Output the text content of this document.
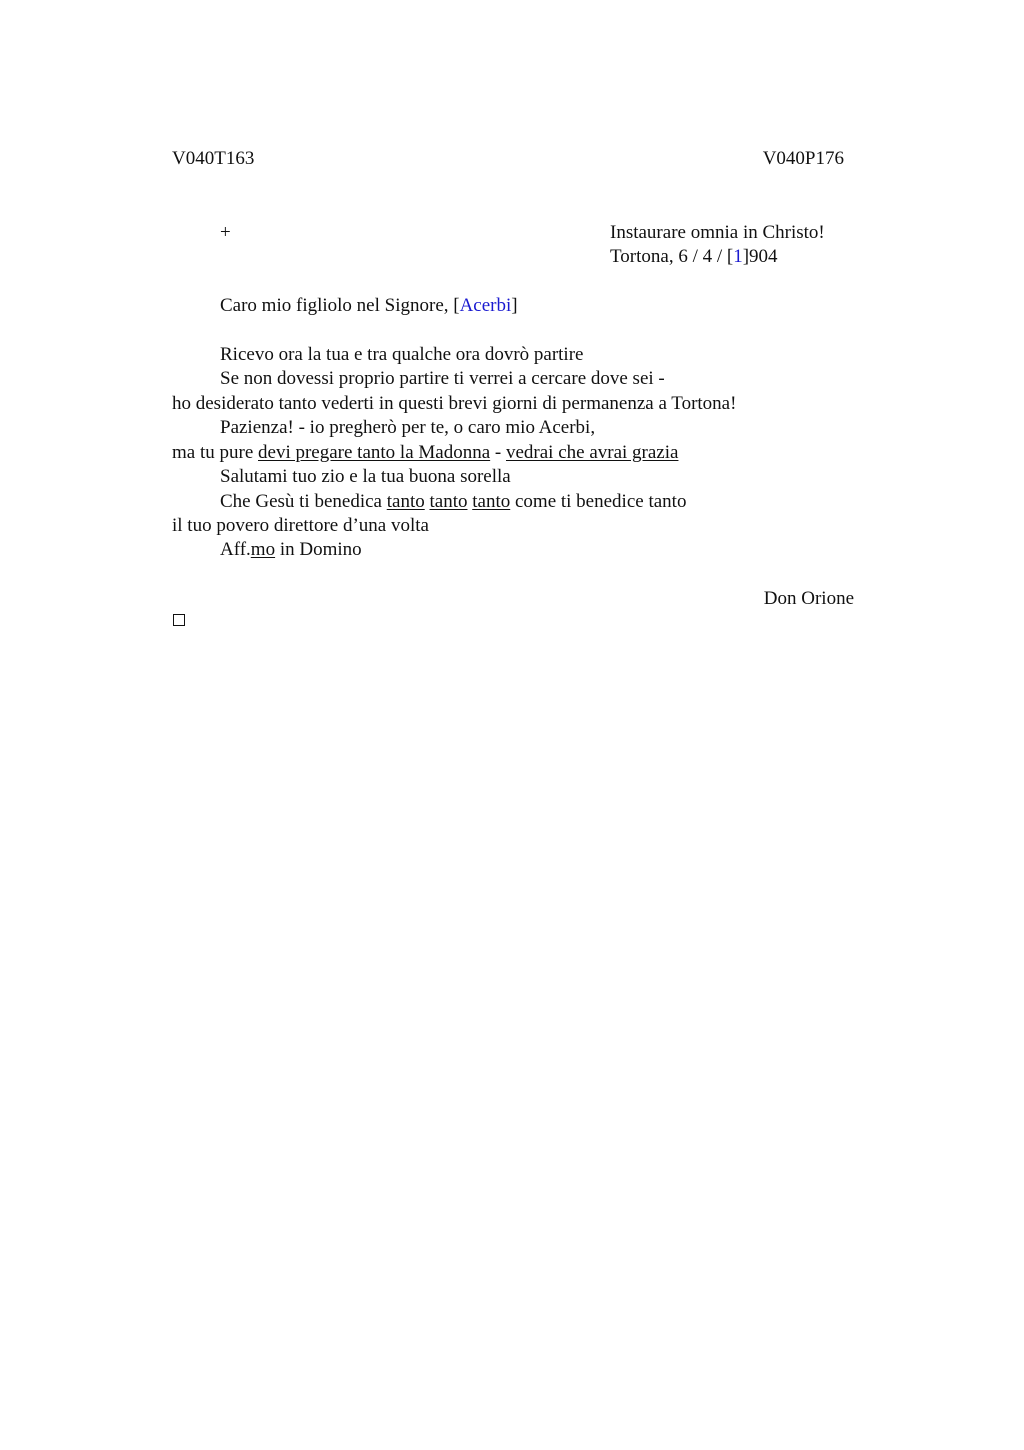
V040T163	V040P176
+	Instaurare omnia in Christo!
Tortona, 6 / 4 / [1]904
Caro mio figliolo nel Signore, [Acerbi]
Ricevo ora la tua e tra qualche ora dovrò partire
Se non dovessi proprio partire ti verrei a cercare dove sei -
ho desiderato tanto vederti in questi brevi giorni di permanenza a Tortona!
Pazienza! - io pregherò per te, o caro mio Acerbi,
ma tu pure devi pregare tanto la Madonna - vedrai che avrai grazia
Salutami tuo zio e la tua buona sorella
Che Gesù ti benedica tanto tanto tanto come ti benedice tanto
il tuo povero direttore d’una volta
Aff.mo in Domino
Don Orione
